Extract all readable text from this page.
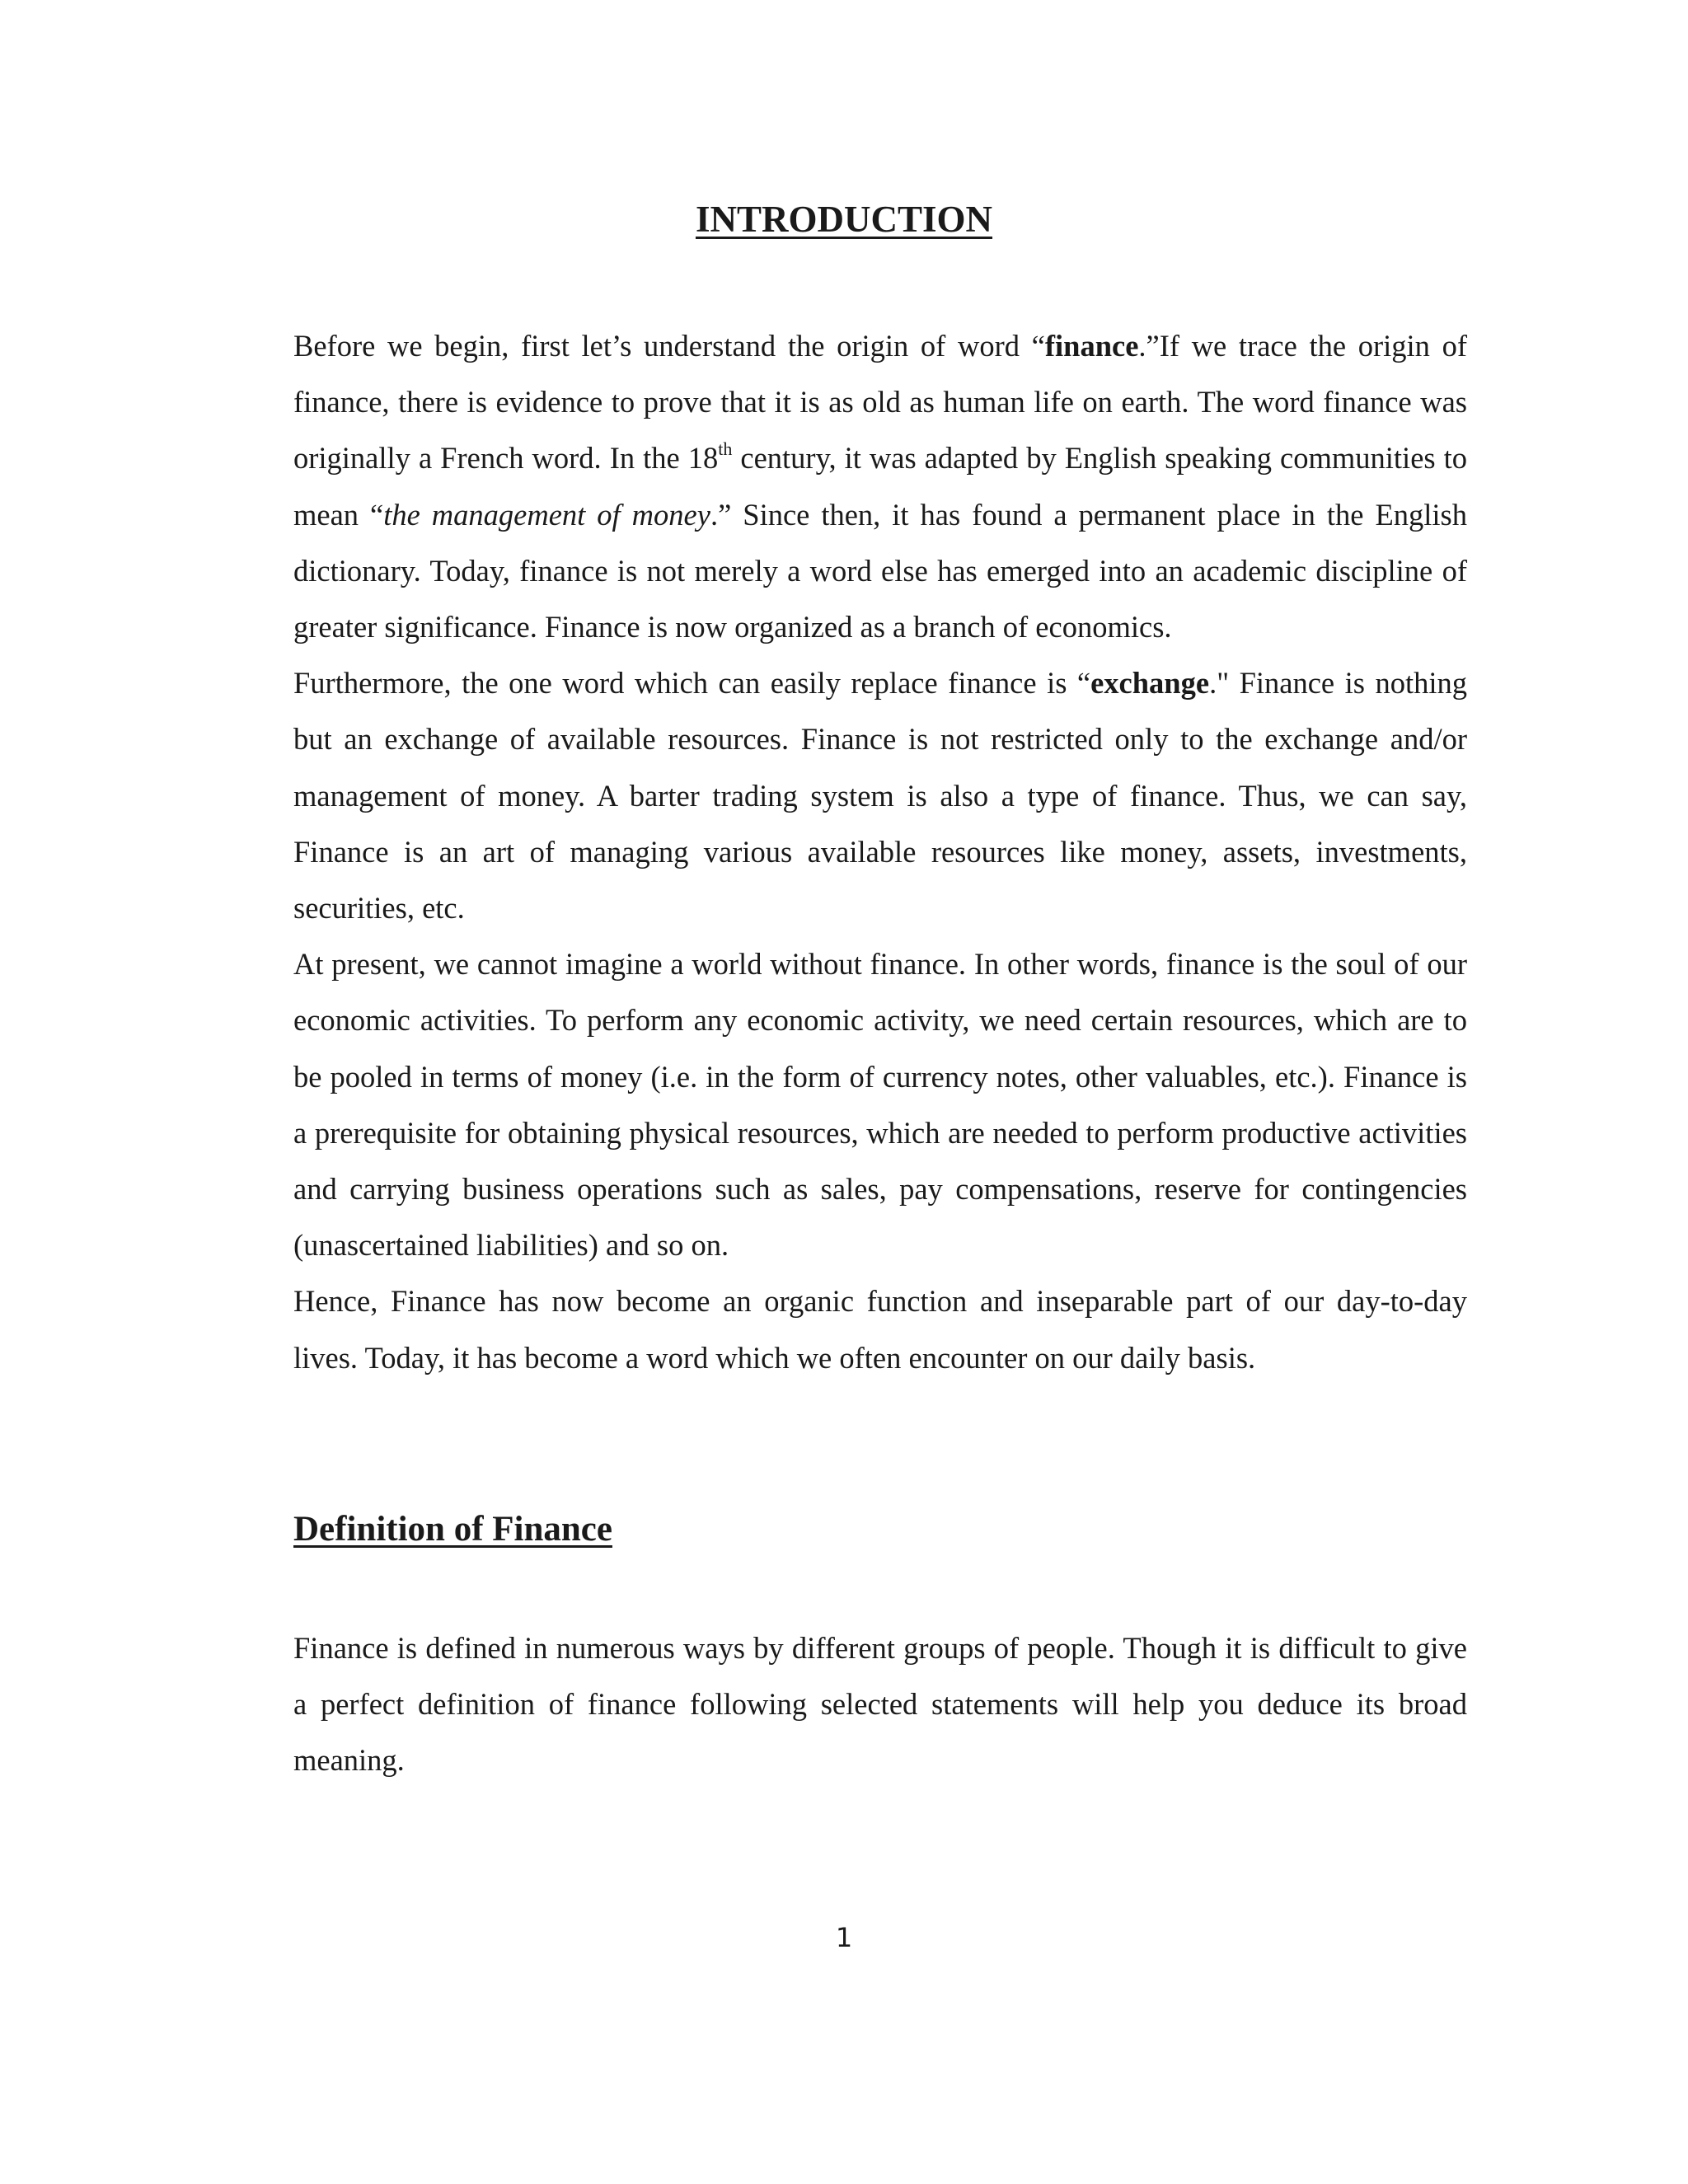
INTRODUCTION

Before we begin, first let’s understand the origin of word “finance.”If we trace the origin of finance, there is evidence to prove that it is as old as human life on earth. The word finance was originally a French word. In the 18th century, it was adapted by English speaking communities to mean “the management of money.” Since then, it has found a permanent place in the English dictionary. Today, finance is not merely a word else has emerged into an academic discipline of greater significance. Finance is now organized as a branch of economics.

Furthermore, the one word which can easily replace finance is “exchange." Finance is nothing but an exchange of available resources. Finance is not restricted only to the exchange and/or management of money. A barter trading system is also a type of finance. Thus, we can say, Finance is an art of managing various available resources like money, assets, investments, securities, etc.

At present, we cannot imagine a world without finance. In other words, finance is the soul of our economic activities. To perform any economic activity, we need certain resources, which are to be pooled in terms of money (i.e. in the form of currency notes, other valuables, etc.). Finance is a prerequisite for obtaining physical resources, which are needed to perform productive activities and carrying business operations such as sales, pay compensations, reserve for contingencies (unascertained liabilities) and so on.

Hence, Finance has now become an organic function and inseparable part of our day-to-day lives. Today, it has become a word which we often encounter on our daily basis.

Definition of Finance

Finance is defined in numerous ways by different groups of people. Though it is difficult to give a perfect definition of finance following selected statements will help you deduce its broad meaning.

1
